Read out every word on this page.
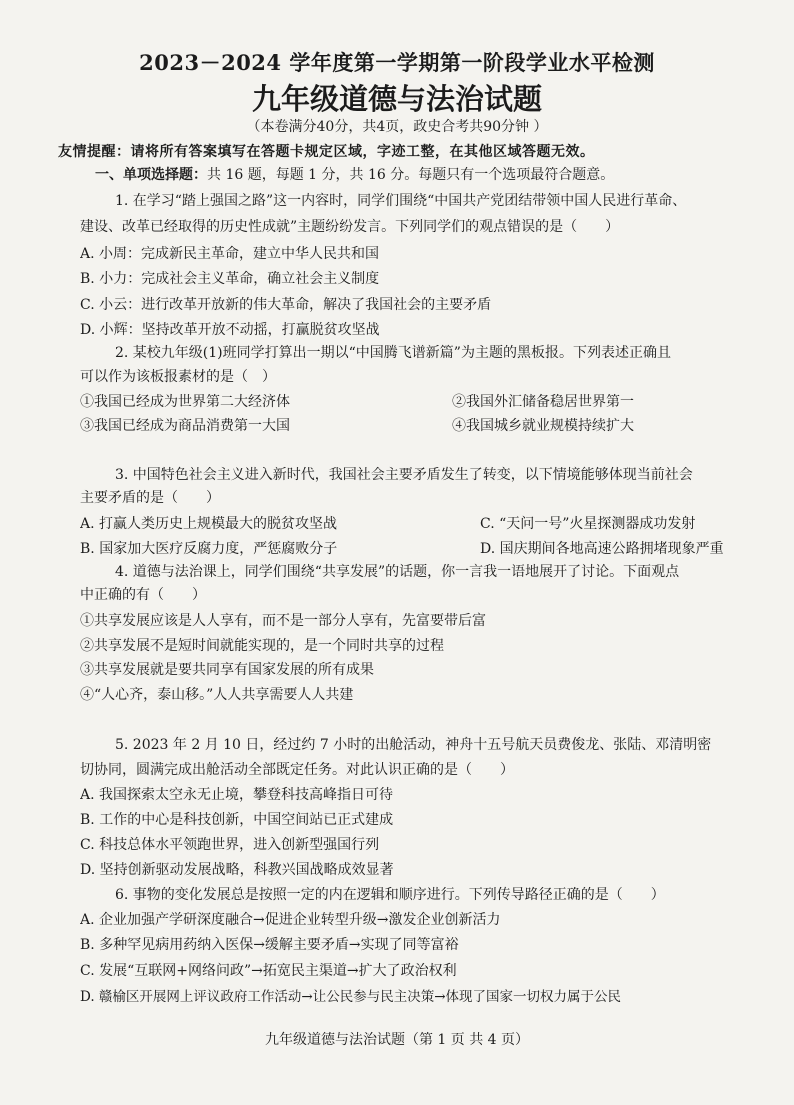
2023－2024 学年度第一学期第一阶段学业水平检测
九年级道德与法治试题
（本卷满分40分，共4页，政史合考共90分钟 ）
友情提醒：请将所有答案填写在答题卡规定区域，字迹工整，在其他区域答题无效。
一、单项选择题：共 16 题，每题 1 分，共 16 分。每题只有一个选项最符合题意。
1. 在学习“踏上强国之路”这一内容时，同学们围绕“中国共产党团结带领中国人民进行革命、
建设、改革已经取得的历史性成就”主题纷纷发言。下列同学们的观点错误的是（　　）
A. 小周：完成新民主革命，建立中华人民共和国
B. 小力：完成社会主义革命，确立社会主义制度
C. 小云：进行改革开放新的伟大革命，解决了我国社会的主要矛盾
D. 小辉：坚持改革开放不动摇，打赢脱贫攻坚战
2. 某校九年级(1)班同学打算出一期以“中国腾飞谱新篇”为主题的黑板报。下列表述正确且
可以作为该板报素材的是（　）
①我国已经成为世界第二大经济体	②我国外汇储备稳居世界第一
③我国已经成为商品消费第一大国	④我国城乡就业规模持续扩大
3. 中国特色社会主义进入新时代，我国社会主要矛盾发生了转变，以下情境能够体现当前社会
主要矛盾的是（　　）
A. 打赢人类历史上规模最大的脱贫攻坚战	C. “天问一号”火星探测器成功发射
B. 国家加大医疗反腐力度，严惩腐败分子	D. 国庆期间各地高速公路拥堵现象严重
4. 道德与法治课上，同学们围绕“共享发展”的话题，你一言我一语地展开了讨论。下面观点
中正确的有（　　）
①共享发展应该是人人享有，而不是一部分人享有，先富要带后富
②共享发展不是短时间就能实现的，是一个同时共享的过程
③共享发展就是要共同享有国家发展的所有成果
④“人心齐，泰山移。”人人共享需要人人共建
5. 2023 年 2 月 10 日，经过约 7 小时的出舱活动，神舟十五号航天员费俊龙、张陆、邓清明密
切协同，圆满完成出舱活动全部既定任务。对此认识正确的是（　　）
A. 我国探索太空永无止境，攀登科技高峰指日可待
B. 工作的中心是科技创新，中国空间站已正式建成
C. 科技总体水平领跑世界，进入创新型强国行列
D. 坚持创新驱动发展战略，科教兴国战略成效显著
6. 事物的变化发展总是按照一定的内在逻辑和顺序进行。下列传导路径正确的是（　　）
A. 企业加强产学研深度融合→促进企业转型升级→激发企业创新活力
B. 多种罕见病用药纳入医保→缓解主要矛盾→实现了同等富裕
C. 发展“互联网+网络问政”→拓宽民主渠道→扩大了政治权利
D. 赣榆区开展网上评议政府工作活动→让公民参与民主决策→体现了国家一切权力属于公民
九年级道德与法治试题（第 1 页 共 4 页）
